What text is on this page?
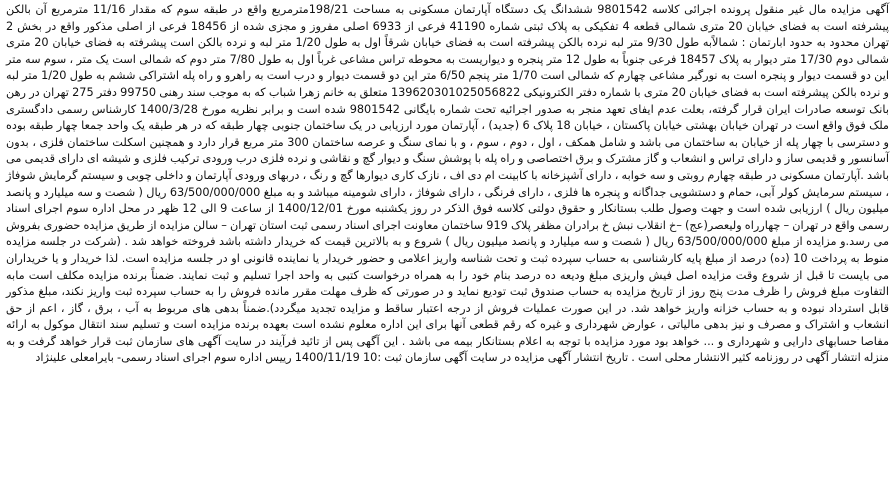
آگهی مزایده مال غیر منقول پرونده اجرائی کلاسه 9801542 ششدانگ یک دستگاه آپارتمان مسکونی به مساحت 198/21مترمربع واقع در طبقه سوم که مقدار 11/16 مترمربع آن بالکن پیشرفته است به فضای خیابان 20 متری شمالی قطعه 4 تفکیکی به پلاک ثبتی شماره 41190 فرعی از 6933 اصلی مفروز و مجزی شده از 18456 فرعی از اصلی مذکور واقع در بخش 2 تهران محدود به حدود ابارتمان : شمالاًبه طول 9/30 متر لبه نرده بالکن پیشرفته است به فضای خیابان شرقاً اول به طول 1/20 متر لبه و نرده بالکن است پیشرفته به فضای خیابان 20 متری شمالی دوم 17/30 متر دیوار به پلاک 18457 فرعی جنوباً به طول 12 متر پنجره و دیواریست به محوطه تراس مشاعی غرباً اول به طول 7/80 متر دوم که شمالی است یک متر ، سوم سه متر این دو قسمت دیوار و پنجره است به نورگیر مشاعی چهارم که شمالی است 1/70 متر پنجم 6/50 متر این دو قسمت دیوار و درب است به راهرو و راه پله اشتراکی ششم به طول 1/20 متر لبه و نرده بالکن پیشرفته است به فضای خیابان 20 متری با شماره دفتر الکترونیکی 139620301025056822 متعلق به خانم زهرا شباب که به موجب سند رهنی 99750 دفتر 275 تهران در رهن بانک توسعه صادرات ایران قرار گرفته، بعلت عدم ایفای تعهد منجر به صدور اجرائیه تحت شماره بایگانی 9801542 شده است و برابر نظریه مورخ 1400/3/28 کارشناس رسمی دادگستری ملک فوق واقع است در تهران خیابان بهشتی خیابان پاکستان ، خیابان 18 پلاک 6 (جدید) ، آپارتمان مورد ارزیابی در یک ساختمان جنوبی چهار طبقه که در هر طبقه یک واحد جمعا چهار طبقه بوده و دسترسی با چهار پله از خیابان به ساختمان می باشد و شامل همکف ، اول ، دوم ، سوم ، و با نمای سنگ و عرصه ساختمان 300 متر مربع قرار دارد و همچنین اسکلت ساختمان فلزی ، بدون آسانسور و قدیمی ساز و دارای تراس و انشعاب و گاز مشترک و برق اختصاصی و راه پله با پوشش سنگ و دیوار گچ و نقاشی و نرده فلزی درب ورودی ترکیب فلزی و شیشه ای دارای قدیمی می باشد .آپارتمان مسکونی در طبقه چهارم روبتی و سه خوابه ، دارای آشپزخانه با کابینت ام دی اف ، نازک کاری دیوارها گچ و رنگ ، دربهای ورودی آپارتمان و داخلی چوبی و سیستم گرمایش شوفاژ ، سیستم سرمایش کولر آبی، حمام و دستشویی جداگانه و پنجره ها فلزی ، دارای فرنگی ، دارای شوفاژ ، دارای شومینه میباشد و به مبلغ 63/500/000/000 ریال ( شصت و سه میلیارد و پانصد میلیون ریال ) ارزیابی شده است و جهت وصول طلب بستانکار و حقوق دولتی کلاسه فوق الذکر در روز یکشنبه مورخ 1400/12/01 از ساعت 9 الی 12 ظهر در محل اداره سوم اجرای اسناد رسمی واقع در تهران – چهارراه ولیعصر(عج) –خ انقلاب نبش خ برادران مظفر پلاک 919 ساختمان معاونت اجرای اسناد رسمی ثبت استان تهران – سالن مزایده از طریق مزایده حضوری بفروش می رسد.و مزایده از مبلغ 63/500/000/000 ریال ( شصت و سه میلیارد و پانصد میلیون ریال ) شروع و به بالاترین قیمت که خریدار داشته باشد فروخته خواهد شد . (شرکت در جلسه مزایده منوط به پرداخت 10 (ده) درصد از مبلغ پایه کارشناسی به حساب سپرده ثبت و تحت شناسه واریز اعلامی و حضور خریدار یا نماینده قانونی او در جلسه مزایده است. لذا خریدار و یا خریداران می بایست تا قبل از شروع وقت مزایده اصل فیش واریزی مبلغ ودیعه ده درصد بنام خود را به همراه درخواست کتبی به واحد اجرا تسلیم و ثبت نمایند. ضمناً برنده مزایده مکلف است مابه التفاوت مبلغ فروش را ظرف مدت پنج روز از تاریخ مزایده به حساب صندوق ثبت تودیع نماید و در صورتی که ظرف مهلت مقرر مانده فروش را به حساب سپرده ثبت واریز نکند، مبلغ مذکور قابل استرداد نبوده و به حساب خزانه واریز خواهد شد. در این صورت عملیات فروش از درجه اعتبار ساقط و مزایده تجدید میگردد).ضمناً بدهی های مربوط به آب ، برق ، گاز ، اعم از حق انشعاب و اشتراک و مصرف و نیز بدهی مالیاتی ، عوارض شهرداری و غیره که رقم قطعی آنها برای این اداره معلوم نشده است بعهده برنده مزایده است و تسلیم سند انتقال موکول به ارائه مفاصا حسابهای دارایی و شهرداری و ... خواهد بود مورد مزایده با توجه به اعلام بستانکار بیمه می باشد . این آگهی پس از تائید فرآیند در سایت آگهی های سازمان ثبت قرار خواهد گرفت و به منزله انتشار آگهی در روزنامه کثیر الانتشار محلی است . تاریخ انتشار آگهی مزایده در سایت آگهی سازمان ثبت :10 1400/11/19 رییس اداره سوم اجرای اسناد رسمی- بایرامعلی علینژاد
